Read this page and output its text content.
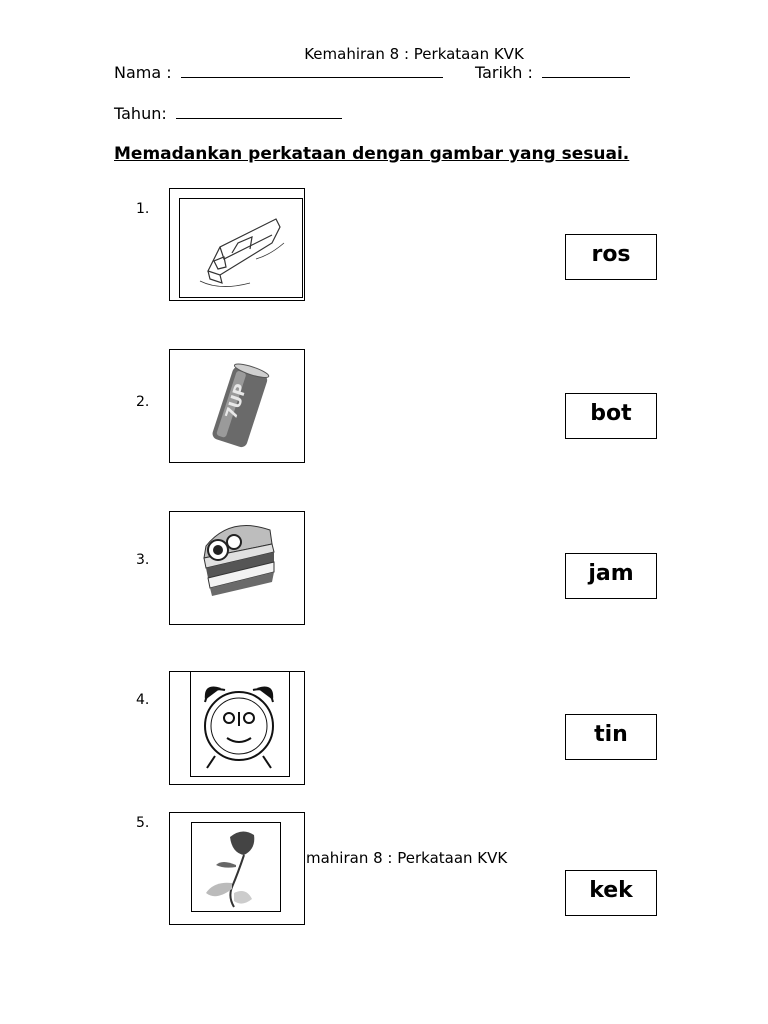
Kemahiran 8 : Perkataan KVK
Nama :	Tarikh :
Tahun:
Memadankan perkataan dengan gambar yang sesuai.
1.
2.
3.
4.
5.
7UP
mahiran 8 : Perkataan KVK
ros
bot
jam
tin
kek
